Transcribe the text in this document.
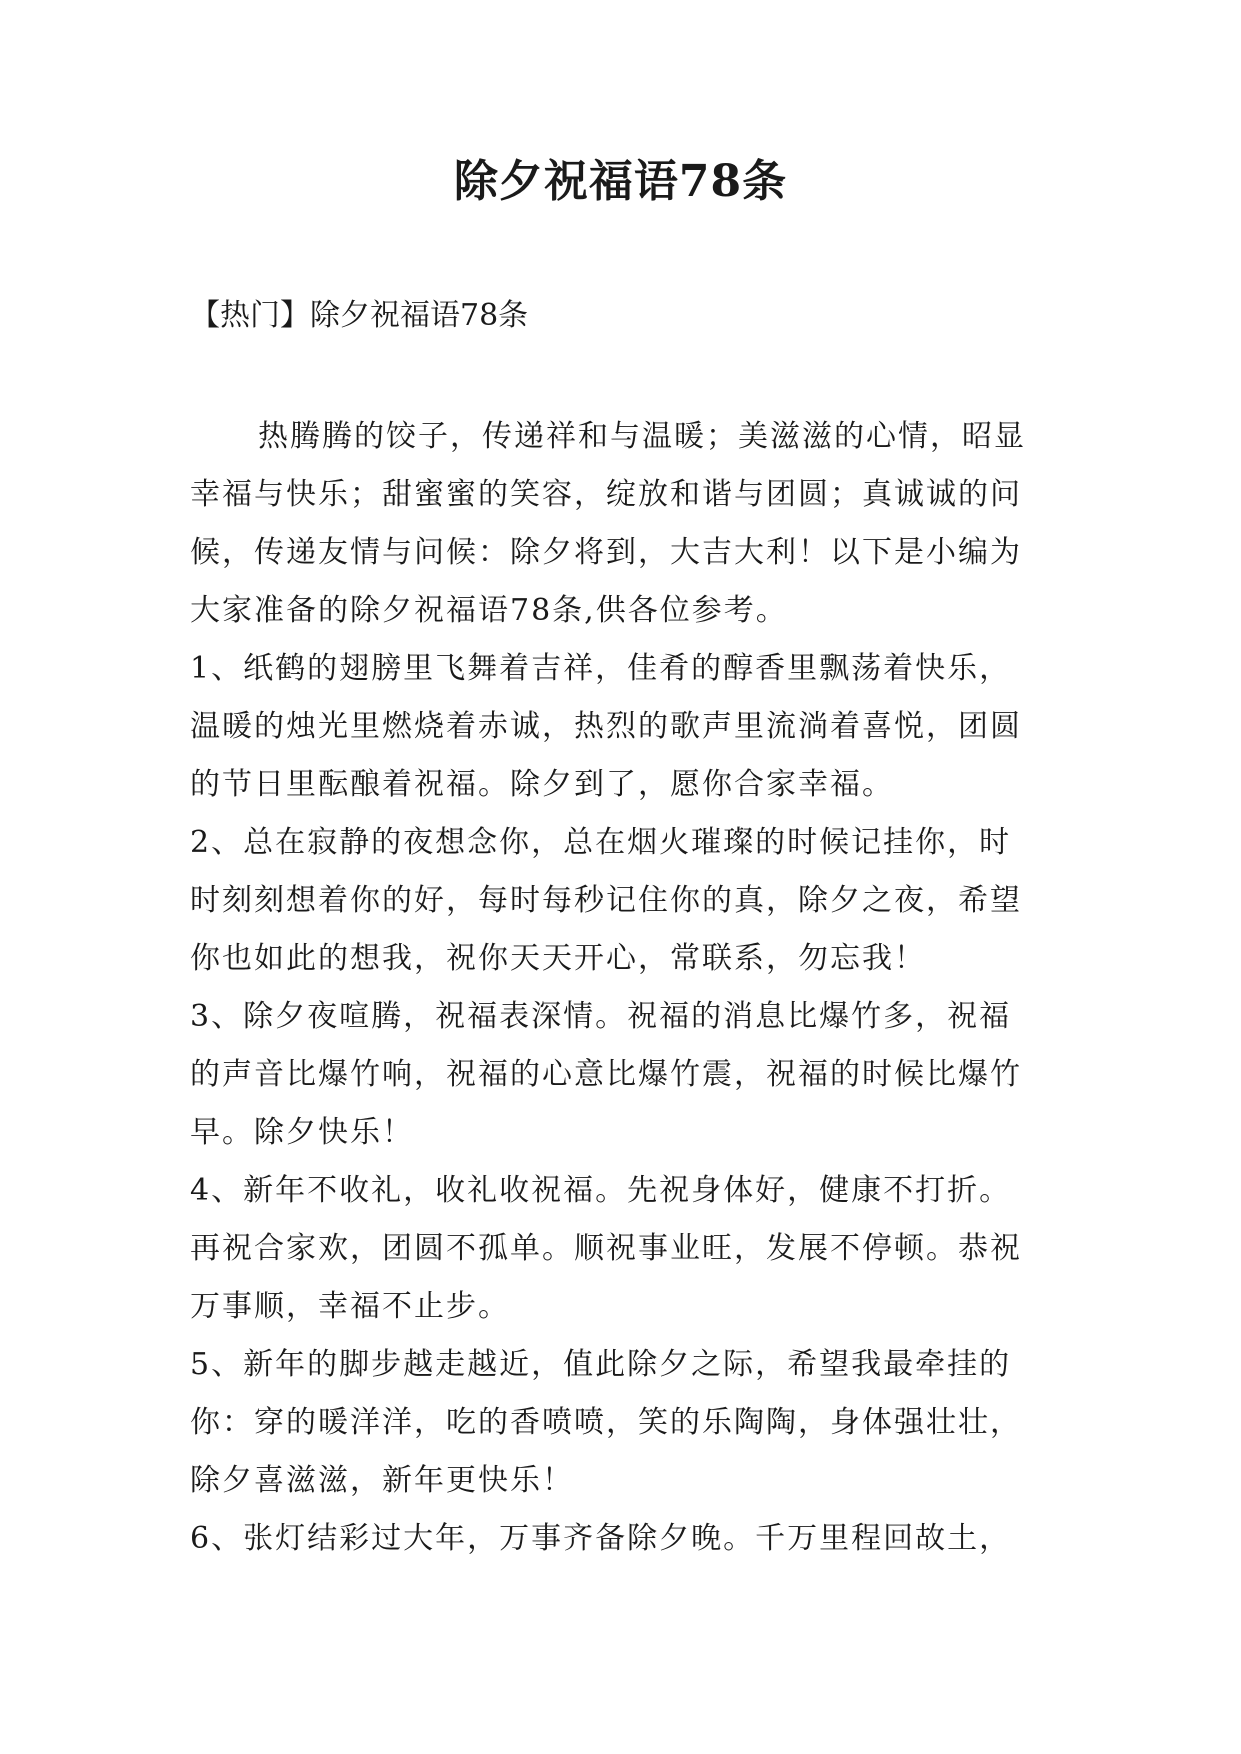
除夕祝福语78条

【热门】除夕祝福语78条

热腾腾的饺子，传递祥和与温暖；美滋滋的心情，昭显
幸福与快乐；甜蜜蜜的笑容，绽放和谐与团圆；真诚诚的问
候，传递友情与问候：除夕将到，大吉大利！以下是小编为
大家准备的除夕祝福语78条,供各位参考。
1、纸鹤的翅膀里飞舞着吉祥，佳肴的醇香里飘荡着快乐，
温暖的烛光里燃烧着赤诚，热烈的歌声里流淌着喜悦，团圆
的节日里酝酿着祝福。除夕到了，愿你合家幸福。
2、总在寂静的夜想念你，总在烟火璀璨的时候记挂你，时
时刻刻想着你的好，每时每秒记住你的真，除夕之夜，希望
你也如此的想我，祝你天天开心，常联系，勿忘我！
3、除夕夜喧腾，祝福表深情。祝福的消息比爆竹多，祝福
的声音比爆竹响，祝福的心意比爆竹震，祝福的时候比爆竹
早。除夕快乐！
4、新年不收礼，收礼收祝福。先祝身体好，健康不打折。
再祝合家欢，团圆不孤单。顺祝事业旺，发展不停顿。恭祝
万事顺，幸福不止步。
5、新年的脚步越走越近，值此除夕之际，希望我最牵挂的
你：穿的暖洋洋，吃的香喷喷，笑的乐陶陶，身体强壮壮，
除夕喜滋滋，新年更快乐！
6、张灯结彩过大年，万事齐备除夕晚。千万里程回故土，
